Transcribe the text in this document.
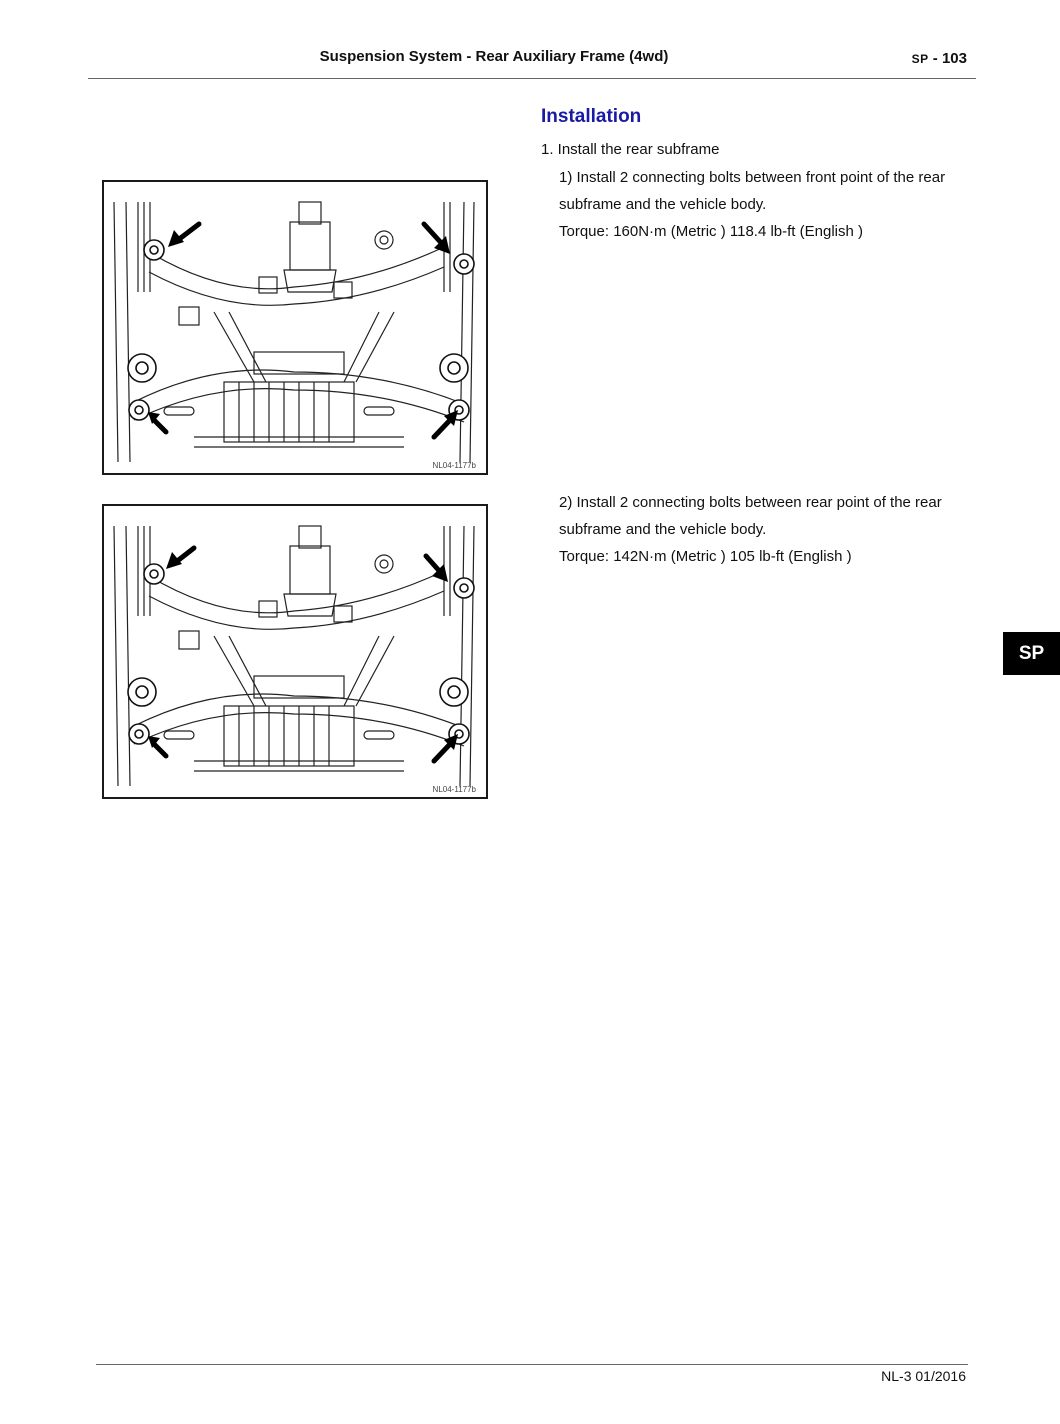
Suspension System - Rear Auxiliary Frame (4wd)	SP - 103
Installation
1. Install the rear subframe
1) Install 2 connecting bolts between front point of the rear
subframe and the vehicle body.
Torque: 160N·m (Metric ) 118.4 lb-ft (English )
2) Install 2 connecting bolts between rear point of the rear
subframe and the vehicle body.
Torque: 142N·m (Metric ) 105 lb-ft (English )
NL04-1177b
NL04-1177b
SP
NL-3 01/2016
